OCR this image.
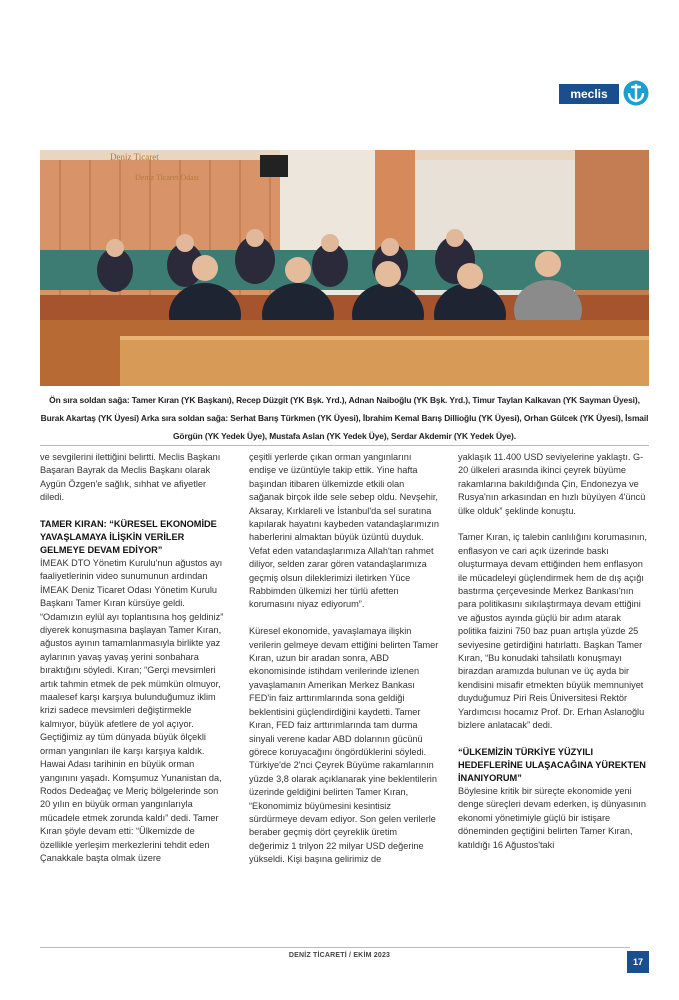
meclis
Deniz Ticaret
Deniz Ticaret Odası
Ön sıra soldan sağa: Tamer Kıran (YK Başkanı), Recep Düzgit (YK Bşk. Yrd.), Adnan Naiboğlu (YK Bşk. Yrd.), Timur Taylan Kalkavan (YK Sayman Üyesi), Burak Akartaş (YK Üyesi) Arka sıra soldan sağa: Serhat Barış Türkmen (YK Üyesi), İbrahim Kemal Barış Dillioğlu (YK Üyesi), Orhan Gülcek (YK Üyesi), İsmail Görgün (YK Yedek Üye), Mustafa Aslan (YK Yedek Üye), Serdar Akdemir (YK Yedek Üye).

ve sevgilerini ilettiğini belirtti. Meclis Başkanı Başaran Bayrak da Meclis Başkanı olarak Aygün Özgen'e sağlık, sıhhat ve afiyetler diledi.

TAMER KIRAN: “KÜRESEL EKONOMİDE YAVAŞLAMAYA İLİŞKİN VERİLER GELMEYE DEVAM EDİYOR”

İMEAK DTO Yönetim Kurulu'nun ağustos ayı faaliyetlerinin video sunumunun ardından İMEAK Deniz Ticaret Odası Yönetim Kurulu Başkanı Tamer Kıran kürsüye geldi. “Odamızın eylül ayı toplantısına hoş geldiniz” diyerek konuşmasına başlayan Tamer Kıran, ağustos ayının tamamlanmasıyla birlikte yaz aylarının yavaş yavaş yerini sonbahara bıraktığını söyledi. Kıran; “Gerçi mevsimleri artık tahmin etmek de pek mümkün olmuyor, maalesef karşı karşıya bulunduğumuz iklim krizi sadece mevsimleri değiştirmekle kalmıyor, büyük afetlere de yol açıyor. Geçtiğimiz ay tüm dünyada büyük ölçekli orman yangınları ile karşı karşıya kaldık. Hawai Adası tarihinin en büyük orman yangınını yaşadı. Komşumuz Yunanistan da, Rodos Dedeağaç ve Meriç bölgelerinde son 20 yılın en büyük orman yangınlarıyla mücadele etmek zorunda kaldı” dedi. Tamer Kıran şöyle devam etti: “Ülkemizde de özellikle yerleşim merkezlerini tehdit eden Çanakkale başta olmak üzere

çeşitli yerlerde çıkan orman yangınlarını endişe ve üzüntüyle takip ettik. Yine hafta başından itibaren ülkemizde etkili olan sağanak birçok ilde sele sebep oldu. Nevşehir, Aksaray, Kırklareli ve İstanbul'da sel suratına kapılarak hayatını kaybeden vatandaşlarımızın haberlerini almaktan büyük üzüntü duyduk. Vefat eden vatandaşlarımıza Allah'tan rahmet diliyor, selden zarar gören vatandaşlarımıza geçmiş olsun dileklerimizi iletirken Yüce Rabbimden ülkemizi her türlü afetten korumasını niyaz ediyorum”.

Küresel ekonomide, yavaşlamaya ilişkin verilerin gelmeye devam ettiğini belirten Tamer Kıran, uzun bir aradan sonra, ABD ekonomisinde istihdam verilerinde izlenen yavaşlamanın Amerikan Merkez Bankası FED'in faiz arttırımlarında sona geldiği beklentisini güçlendirdiğini kaydetti. Tamer Kıran, FED faiz arttırımlarında tam durma sinyali verene kadar ABD dolarının gücünü görece koruyacağını öngördüklerini söyledi. Türkiye'de 2'nci Çeyrek Büyüme rakamlarının yüzde 3,8 olarak açıklanarak yine beklentilerin üzerinde geldiğini belirten Tamer Kıran, “Ekonomimiz büyümesini kesintisiz sürdürmeye devam ediyor. Son gelen verilerle beraber geçmiş dört çeyreklik üretim değerimiz 1 trilyon 22 milyar USD değerine yükseldi. Kişi başına gelirimiz de

yaklaşık 11.400 USD seviyelerine yaklaştı. G-20 ülkeleri arasında ikinci çeyrek büyüme rakamlarına bakıldığında Çin, Endonezya ve Rusya'nın arkasından en hızlı büyüyen 4'üncü ülke olduk” şeklinde konuştu.

Tamer Kıran, iç talebin canlılığını korumasının, enflasyon ve cari açık üzerinde baskı oluşturmaya devam ettiğinden hem enflasyon ile mücadeleyi güçlendirmek hem de dış açığı bastırma çerçevesinde Merkez Bankası'nın para politikasını sıkılaştırmaya devam ettiğini ve ağustos ayında güçlü bir adım atarak politika faizini 750 baz puan artışla yüzde 25 seviyesine getirdiğini hatırlattı. Başkan Tamer Kıran, “Bu konudaki tahsilatlı konuşmayı birazdan aramızda bulunan ve üç ayda bir kendisini misafir etmekten büyük memnuniyet duyduğumuz Piri Reis Üniversitesi Rektör Yardımcısı hocamız Prof. Dr. Erhan Aslanoğlu bizlere anlatacak” dedi.

“ÜLKEMİZİN TÜRKİYE YÜZYILI HEDEFLERİNE ULAŞACAĞINA YÜREKTEN İNANIYORUM”

Böylesine kritik bir süreçte ekonomide yeni denge süreçleri devam ederken, iş dünyasının ekonomi yönetimiyle güçlü bir istişare döneminden geçtiğini belirten Tamer Kıran, katıldığı 16 Ağustos'taki

DENİZ TİCARETİ / EKİM 2023
17
